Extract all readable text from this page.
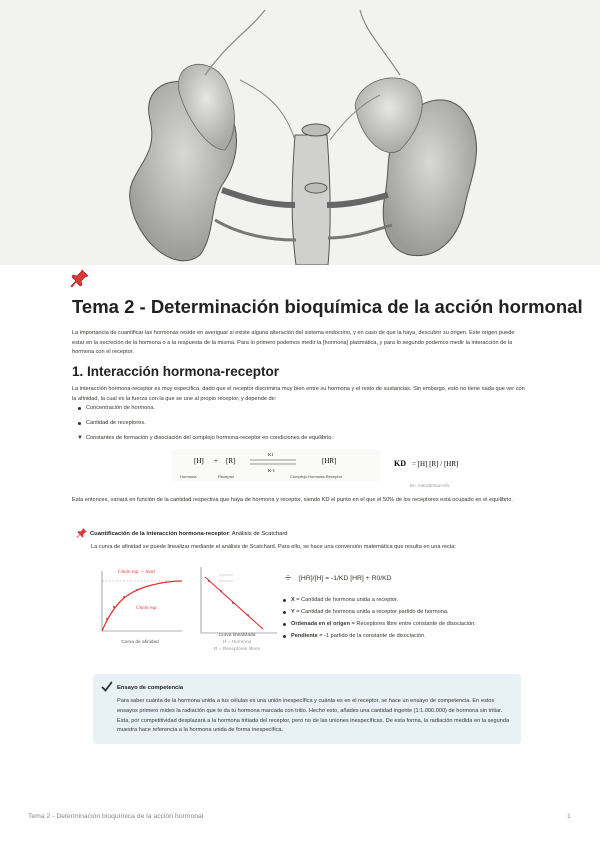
Tema 2 - Determinación bioquímica de la acción hormonal

La importancia de cuantificar las hormonas reside en averiguar si existe alguna alteración del sistema endocrino, y en caso de que la haya, descubrir su origen. Este origen puede estar en la secreción de la hormona o a la respuesta de la misma. Para lo primero podemos medir la [hormona] plasmática, y para lo segundo podemos medir la interacción de la hormona con el receptor.

1. Interacción hormona-receptor

La interacción hormona-receptor es muy específica, dado que el receptor discrimina muy bien entre su hormona y el resto de sustancias. Sin embargo, esto no tiene nada que ver con la afinidad, la cual es la fuerza con la que se une al propio receptor, y depende de:

Concentración de hormona.
Cantidad de receptores.
▼ Constantes de formación y disociación del complejo hormona-receptor en condiciones de equilibrio.
[H] + [R]
K1
K-1
[HR]
Hormona	Receptor	Complejo Hormona-Receptor
KD = [H] [R] / [HR]
Ec. Henderson-Kh

Esta entonces, variará en función de la cantidad respectiva que haya de hormona y receptor, siendo KD el punto en el que el 50% de los receptores está ocupado en el equilibrio.

Cuantificación de la interacción hormona-receptor: Análisis de Scatchard
La curva de afinidad se puede linealizar mediante el análisis de Scatchard. Para ello, se hace una conversión matemática que resulta en una recta:
Unión esp. + total
Unión esp.
Curva de afinidad
Curva linealizada
H = Hormona
R = Receptores libres
÷ [HR]/[H] = -1/KD [HR] + R0/KD
X = Cantidad de hormona unida a receptor.
Y = Cantidad de hormona unida a receptor partido de hormona.
Ordenada en el origen = Receptores libre entre constante de disociación.
Pendiente = -1 partido de la constante de disociación.
Ensayo de competencia

Para saber cuánta de la hormona unida a tus células es una unión inespecífica y cuánta es en el receptor, se hace un ensayo de competencia. En estos ensayos primero mides la radiación que te da tu hormona marcada con tritio. Hecho esto, añades una cantidad ingente (1:1.000.000) de hormona sin tritiar. Esta, por competitividad desplazará a la hormona tritiada del receptor, pero no de las uniones inespecíficas. De esta forma, la radiación medida en la segunda muestra hace referencia a la hormona unida de forma inespecífica.

Tema 2 - Determinación bioquímica de la acción hormonal	1
